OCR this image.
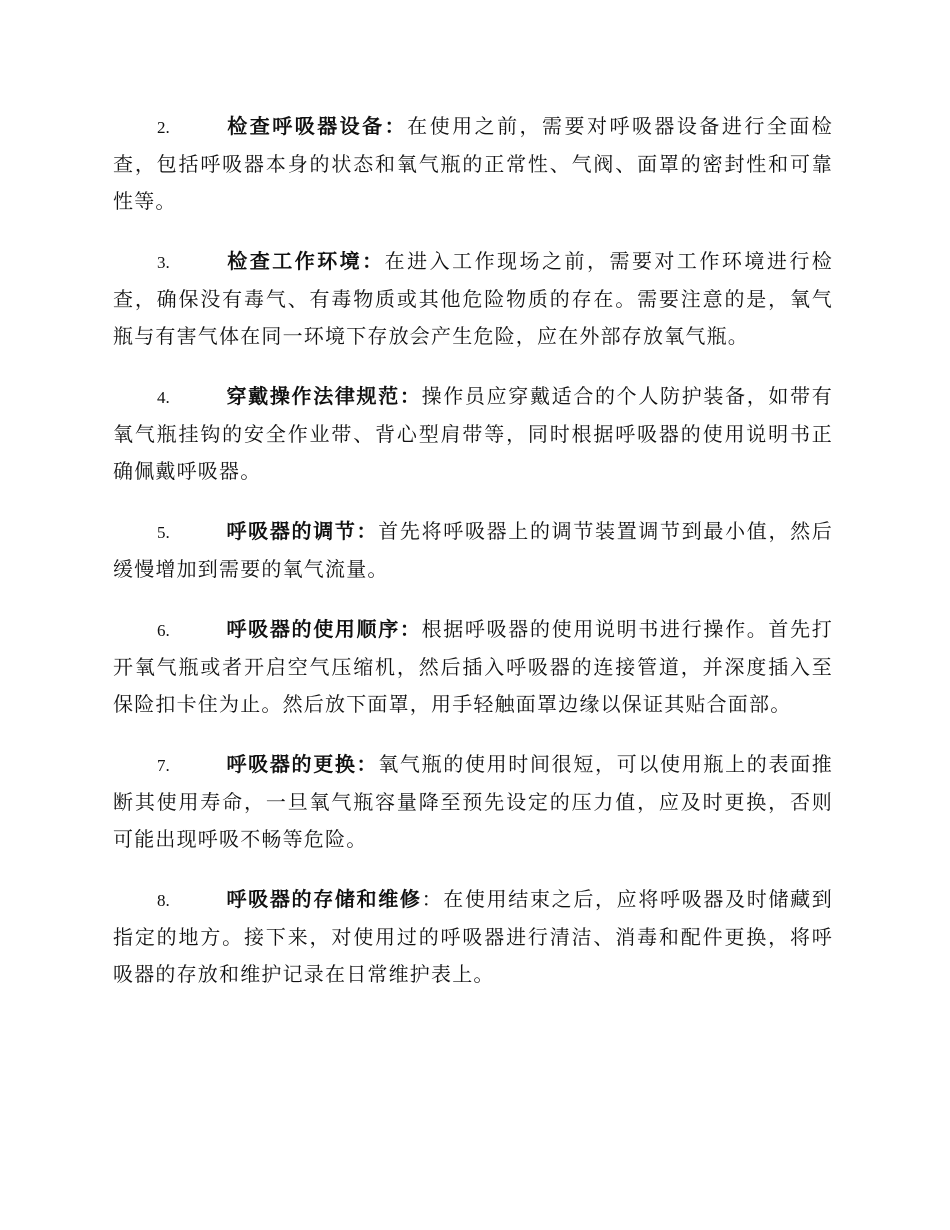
2.	检查呼吸器设备：在使用之前，需要对呼吸器设备进行全面检查，包括呼吸器本身的状态和氧气瓶的正常性、气阀、面罩的密封性和可靠性等。

3.	检查工作环境：在进入工作现场之前，需要对工作环境进行检查，确保没有毒气、有毒物质或其他危险物质的存在。需要注意的是，氧气瓶与有害气体在同一环境下存放会产生危险，应在外部存放氧气瓶。

4.	穿戴操作法律规范：操作员应穿戴适合的个人防护装备，如带有氧气瓶挂钩的安全作业带、背心型肩带等，同时根据呼吸器的使用说明书正确佩戴呼吸器。

5.	呼吸器的调节：首先将呼吸器上的调节装置调节到最小值，然后缓慢增加到需要的氧气流量。

6.	呼吸器的使用顺序：根据呼吸器的使用说明书进行操作。首先打开氧气瓶或者开启空气压缩机，然后插入呼吸器的连接管道，并深度插入至保险扣卡住为止。然后放下面罩，用手轻触面罩边缘以保证其贴合面部。

7.	呼吸器的更换：氧气瓶的使用时间很短，可以使用瓶上的表面推断其使用寿命，一旦氧气瓶容量降至预先设定的压力值，应及时更换，否则可能出现呼吸不畅等危险。

8.	呼吸器的存储和维修：在使用结束之后，应将呼吸器及时储藏到指定的地方。接下来，对使用过的呼吸器进行清洁、消毒和配件更换，将呼吸器的存放和维护记录在日常维护表上。
